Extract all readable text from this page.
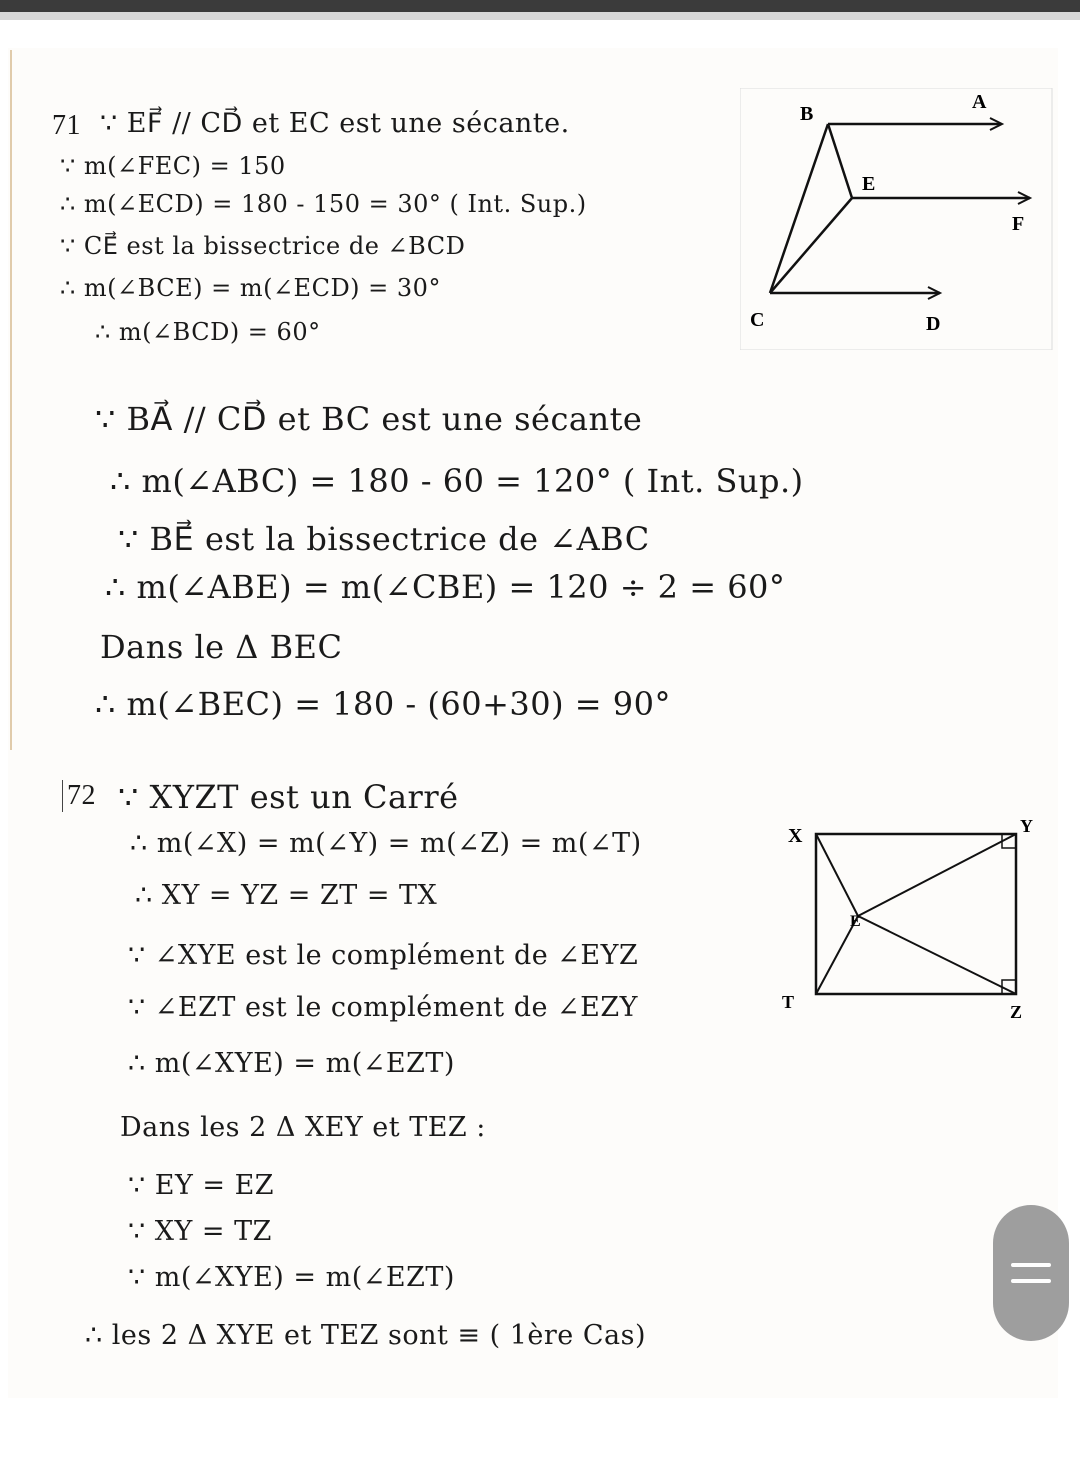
71 ∵ EF⃗ // CD⃗ et EC est une sécante.
∵ m(∠FEC) = 150
∴ m(∠ECD) = 180 - 150 = 30° ( Int. Sup.)
∵ CE⃗ est la bissectrice de ∠BCD
∴ m(∠BCE) = m(∠ECD) = 30°
∴ m(∠BCD) = 60°
∵ BA⃗ // CD⃗ et BC est une sécante
∴ m(∠ABC) = 180 - 60 = 120° ( Int. Sup.)
∵ BE⃗ est la bissectrice de ∠ABC
∴ m(∠ABE) = m(∠CBE) = 120 ÷ 2 = 60°
Dans le Δ BEC
∴ m(∠BEC) = 180 - (60+30) = 90°
B
A
E
F
C	D
72 ∵ XYZT est un Carré
∴ m(∠X) = m(∠Y) = m(∠Z) = m(∠T)
∴ XY = YZ = ZT = TX
∵ ∠XYE est le complément de ∠EYZ
∵ ∠EZT est le complément de ∠EZY
∴ m(∠XYE) = m(∠EZT)
Dans les 2 Δ XEY et TEZ :
∵ EY = EZ
∵ XY = TZ
∵ m(∠XYE) = m(∠EZT)
∴ les 2 Δ XYE et TEZ sont ≡ ( 1ère Cas)
X	Y
E
T	Z
